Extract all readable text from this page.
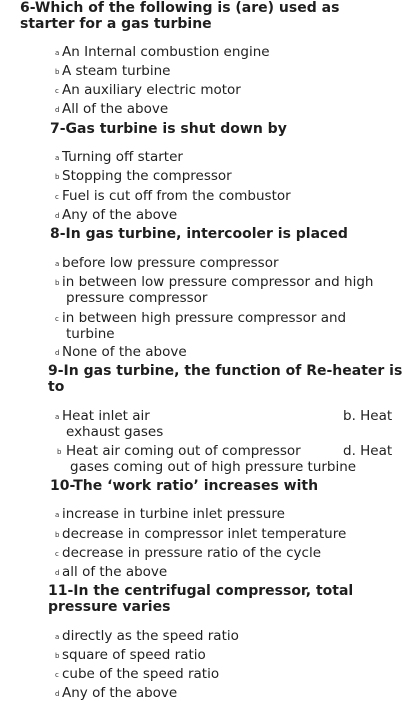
6-Which of the following is (are) used as
starter for a gas turbine
a An Internal combustion engine
b A steam turbine
c An auxiliary electric motor
d All of the above
7-Gas turbine is shut down by
a Turning off starter
b Stopping the compressor
c Fuel is cut off from the combustor
d Any of the above
8-In gas turbine, intercooler is placed
a before low pressure compressor
b in between low pressure compressor and high
pressure compressor
c in between high pressure compressor and
turbine
d None of the above
9-In gas turbine, the function of Re-heater is
to
a Heat inlet air	b. Heat
exhaust gases
b Heat air coming out of compressor	d. Heat
gases coming out of high pressure turbine
10-The ‘work ratio’ increases with
a increase in turbine inlet pressure
b decrease in compressor inlet temperature
c decrease in pressure ratio of the cycle
d all of the above
11-In the centrifugal compressor, total
pressure varies
a directly as the speed ratio
b square of speed ratio
c cube of the speed ratio
d Any of the above
